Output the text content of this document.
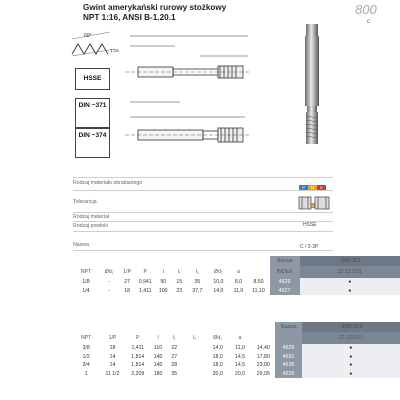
Gwint amerykański rurowy stożkowy
NPT 1:16, ANSI B-1.20.1
800
c
60°
1:16
HSSE
DIN ~371
DIN ~374
Rodzaj materiału obrabianego
Tolerancja
Rodzaj materiał
Rodzaj powłoki
Nazwa
P M KS
HSSE
C / 2-3P
										Nazwa	~DIN-371
NPT	Ød₁	1/P	P	l	l₁	l₂	Ød₂	a		INDEX	32 121101
1/8	-	27	0,941	90	15	35	10,0	8,0	8,50	4629	●
1/4	-	18	1,411	100	23	37,7	14,0	11,0	11,10	4627	●
									Nazwa	~DIN-374
NPT	1/P	P	l	l₁	l₂	Ød₂	a			32-121101
3/8	18	1,411	110	22		14,0	11,0	14,40	4629	●
1/2	14	1,814	140	27		18,0	14,5	17,80	4631	●
3/4	14	1,814	140	28		18,0	14,5	23,00	4635	●
1	11 1/2	2,209	180	35		20,0	20,0	29,05	4639	●
